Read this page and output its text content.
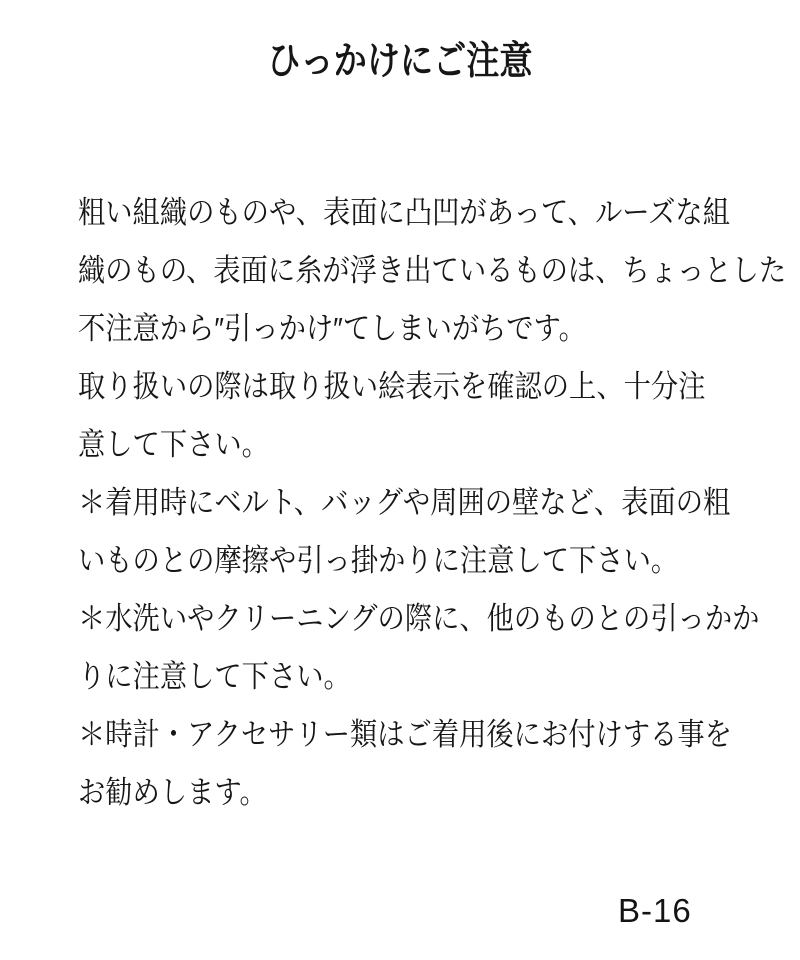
ひっかけにご注意
粗い組織のものや、表面に凸凹があって、ルーズな組
織のもの、表面に糸が浮き出ているものは、ちょっとした
不注意から″引っかけ″てしまいがちです。
取り扱いの際は取り扱い絵表示を確認の上、十分注
意して下さい。
＊着用時にベルト、バッグや周囲の壁など、表面の粗
いものとの摩擦や引っ掛かりに注意して下さい。
＊水洗いやクリーニングの際に、他のものとの引っかか
りに注意して下さい。
＊時計・アクセサリー類はご着用後にお付けする事を
お勧めします。
B-16
